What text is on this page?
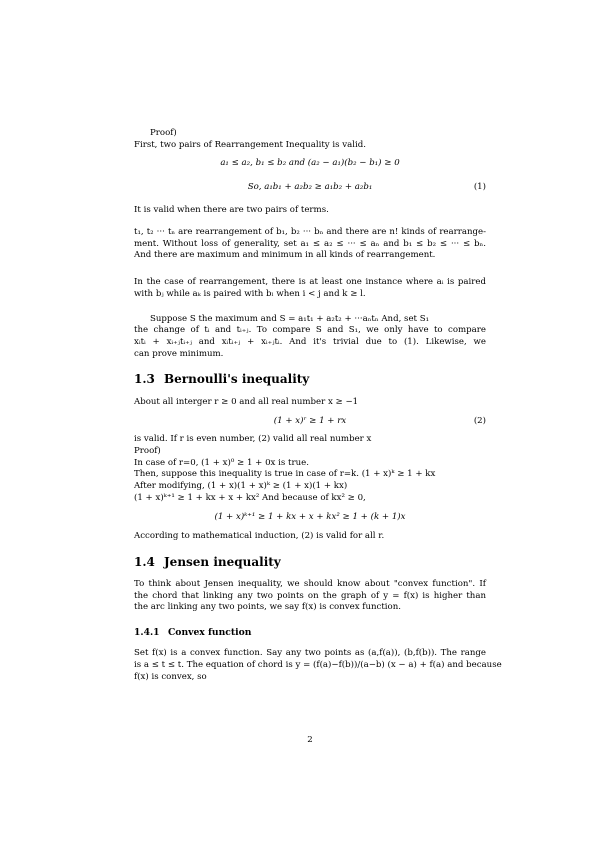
Proof)
First, two pairs of Rearrangement Inequality is valid.
a₁ ≤ a₂, b₁ ≤ b₂ and (a₂ − a₁)(b₂ − b₁) ≥ 0
So, a₁b₁ + a₂b₂ ≥ a₁b₂ + a₂b₁	(1)
It is valid when there are two pairs of terms.
t₁, t₂ ··· tₙ are rearrangement of b₁, b₂ ··· bₙ and there are n! kinds of rearrange-
ment. Without loss of generality, set a₁ ≤ a₂ ≤ ··· ≤ aₙ and b₁ ≤ b₂ ≤ ··· ≤ bₙ.
And there are maximum and minimum in all kinds of rearrangement.
In the case of rearrangement, there is at least one instance where aᵢ is paired
with bⱼ while aₖ is paired with bₗ when i < j and k ≥ l.
Suppose S the maximum and S = a₁t₁ + a₂t₂ + ···aₙtₙ And, set S₁
the change of tᵢ and tᵢ₊ⱼ. To compare S and S₁, we only have to compare
xᵢtᵢ + xᵢ₊ⱼtᵢ₊ⱼ and xᵢtᵢ₊ⱼ + xᵢ₊ⱼtᵢ. And it's trivial due to (1). Likewise, we
can prove minimum.
1.3 Bernoulli's inequality
About all interger r ≥ 0 and all real number x ≥ −1
(1 + x)ʳ ≥ 1 + rx	(2)
is valid. If r is even number, (2) valid all real number x
Proof)
In case of r=0, (1 + x)⁰ ≥ 1 + 0x is true.
Then, suppose this inequality is true in case of r=k. (1 + x)ᵏ ≥ 1 + kx
After modifying, (1 + x)(1 + x)ᵏ ≥ (1 + x)(1 + kx)
(1 + x)ᵏ⁺¹ ≥ 1 + kx + x + kx² And because of kx² ≥ 0,
(1 + x)ᵏ⁺¹ ≥ 1 + kx + x + kx² ≥ 1 + (k + 1)x
According to mathematical induction, (2) is valid for all r.
1.4 Jensen inequality
To think about Jensen inequality, we should know about "convex function". If
the chord that linking any two points on the graph of y = f(x) is higher than
the arc linking any two points, we say f(x) is convex function.
1.4.1 Convex function
Set f(x) is a convex function. Say any two points as (a,f(a)), (b,f(b)). The range
is a ≤ t ≤ t. The equation of chord is y = (f(a)−f(b))/(a−b) (x − a) + f(a) and because
f(x) is convex, so
2
